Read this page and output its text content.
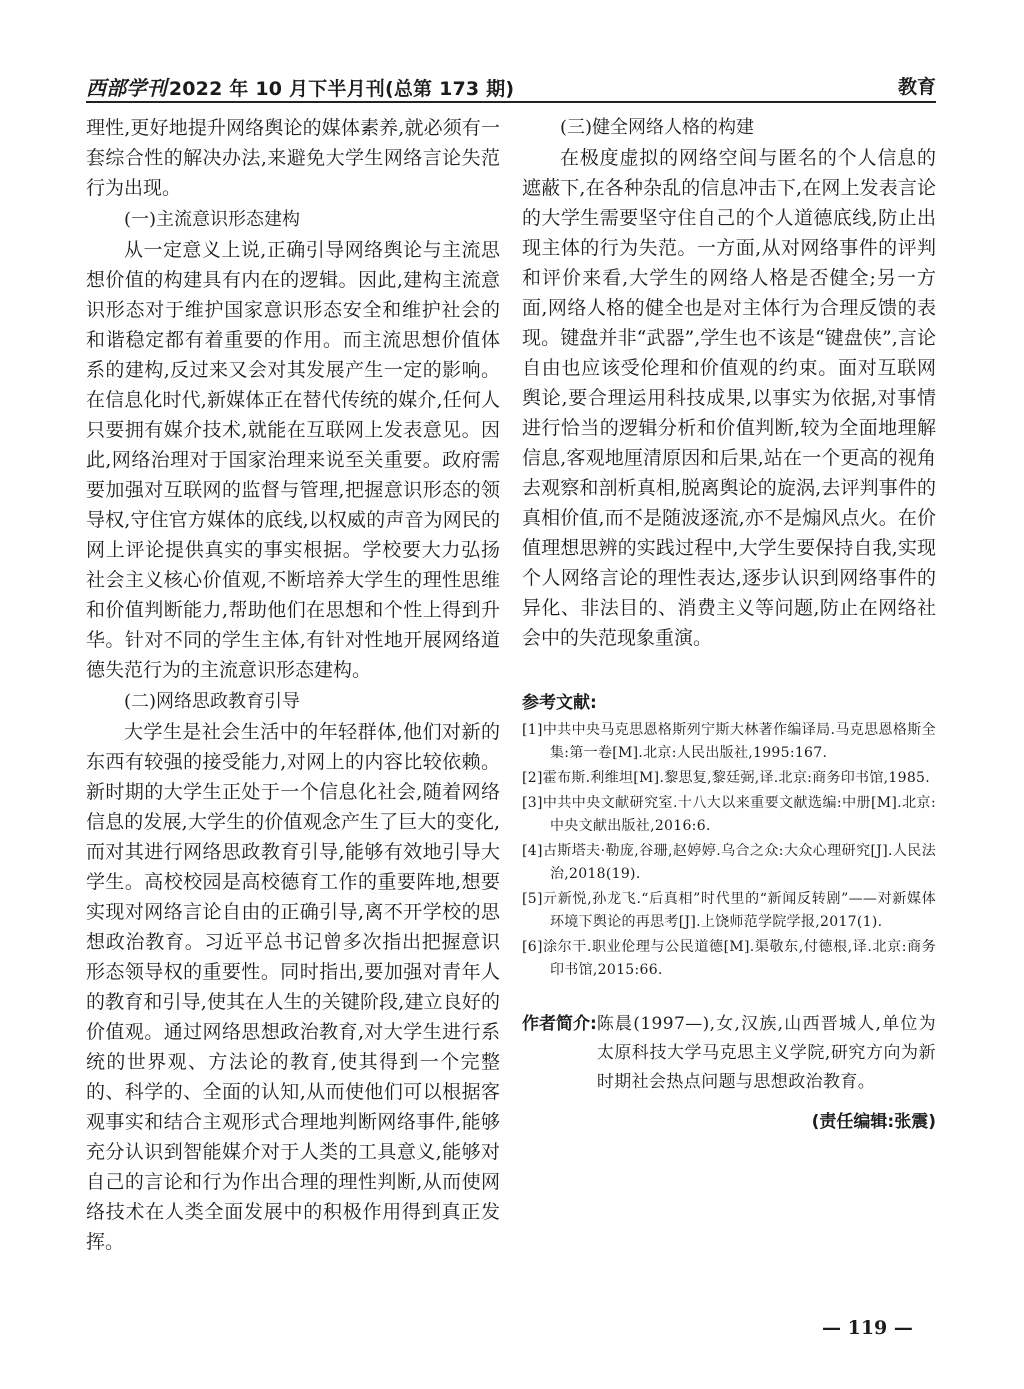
西部学刊 2022 年 10 月下半月刊(总第 173 期)	教育

理性,更好地提升网络舆论的媒体素养,就必须有一套综合性的解决办法,来避免大学生网络言论失范行为出现。

(一)主流意识形态建构

从一定意义上说,正确引导网络舆论与主流思想价值的构建具有内在的逻辑。因此,建构主流意识形态对于维护国家意识形态安全和维护社会的和谐稳定都有着重要的作用。而主流思想价值体系的建构,反过来又会对其发展产生一定的影响。在信息化时代,新媒体正在替代传统的媒介,任何人只要拥有媒介技术,就能在互联网上发表意见。因此,网络治理对于国家治理来说至关重要。政府需要加强对互联网的监督与管理,把握意识形态的领导权,守住官方媒体的底线,以权威的声音为网民的网上评论提供真实的事实根据。学校要大力弘扬社会主义核心价值观,不断培养大学生的理性思维和价值判断能力,帮助他们在思想和个性上得到升华。针对不同的学生主体,有针对性地开展网络道德失范行为的主流意识形态建构。

(二)网络思政教育引导

大学生是社会生活中的年轻群体,他们对新的东西有较强的接受能力,对网上的内容比较依赖。新时期的大学生正处于一个信息化社会,随着网络信息的发展,大学生的价值观念产生了巨大的变化,而对其进行网络思政教育引导,能够有效地引导大学生。高校校园是高校德育工作的重要阵地,想要实现对网络言论自由的正确引导,离不开学校的思想政治教育。习近平总书记曾多次指出把握意识形态领导权的重要性。同时指出,要加强对青年人的教育和引导,使其在人生的关键阶段,建立良好的价值观。通过网络思想政治教育,对大学生进行系统的世界观、方法论的教育,使其得到一个完整的、科学的、全面的认知,从而使他们可以根据客观事实和结合主观形式合理地判断网络事件,能够充分认识到智能媒介对于人类的工具意义,能够对自己的言论和行为作出合理的理性判断,从而使网络技术在人类全面发展中的积极作用得到真正发挥。

(三)健全网络人格的构建

在极度虚拟的网络空间与匿名的个人信息的遮蔽下,在各种杂乱的信息冲击下,在网上发表言论的大学生需要坚守住自己的个人道德底线,防止出现主体的行为失范。一方面,从对网络事件的评判和评价来看,大学生的网络人格是否健全;另一方面,网络人格的健全也是对主体行为合理反馈的表现。键盘并非“武器”,学生也不该是“键盘侠”,言论自由也应该受伦理和价值观的约束。面对互联网舆论,要合理运用科技成果,以事实为依据,对事情进行恰当的逻辑分析和价值判断,较为全面地理解信息,客观地厘清原因和后果,站在一个更高的视角去观察和剖析真相,脱离舆论的旋涡,去评判事件的真相价值,而不是随波逐流,亦不是煽风点火。在价值理想思辨的实践过程中,大学生要保持自我,实现个人网络言论的理性表达,逐步认识到网络事件的异化、非法目的、消费主义等问题,防止在网络社会中的失范现象重演。

参考文献:
[1]中共中央马克思恩格斯列宁斯大林著作编译局.马克思恩格斯全集:第一卷[M].北京:人民出版社,1995:167.
[2]霍布斯.利维坦[M].黎思复,黎廷弼,译.北京:商务印书馆,1985.
[3]中共中央文献研究室.十八大以来重要文献选编:中册[M].北京:中央文献出版社,2016:6.
[4]古斯塔夫·勒庞,谷珊,赵婷婷.乌合之众:大众心理研究[J].人民法治,2018(19).
[5]亓新悦,孙龙飞.“后真相”时代里的“新闻反转剧”——对新媒体环境下舆论的再思考[J].上饶师范学院学报,2017(1).
[6]涂尔干.职业伦理与公民道德[M].渠敬东,付德根,译.北京:商务印书馆,2015:66.
作者简介: 陈晨(1997—),女,汉族,山西晋城人,单位为太原科技大学马克思主义学院,研究方向为新时期社会热点问题与思想政治教育。
(责任编辑:张震)
— 119 —
